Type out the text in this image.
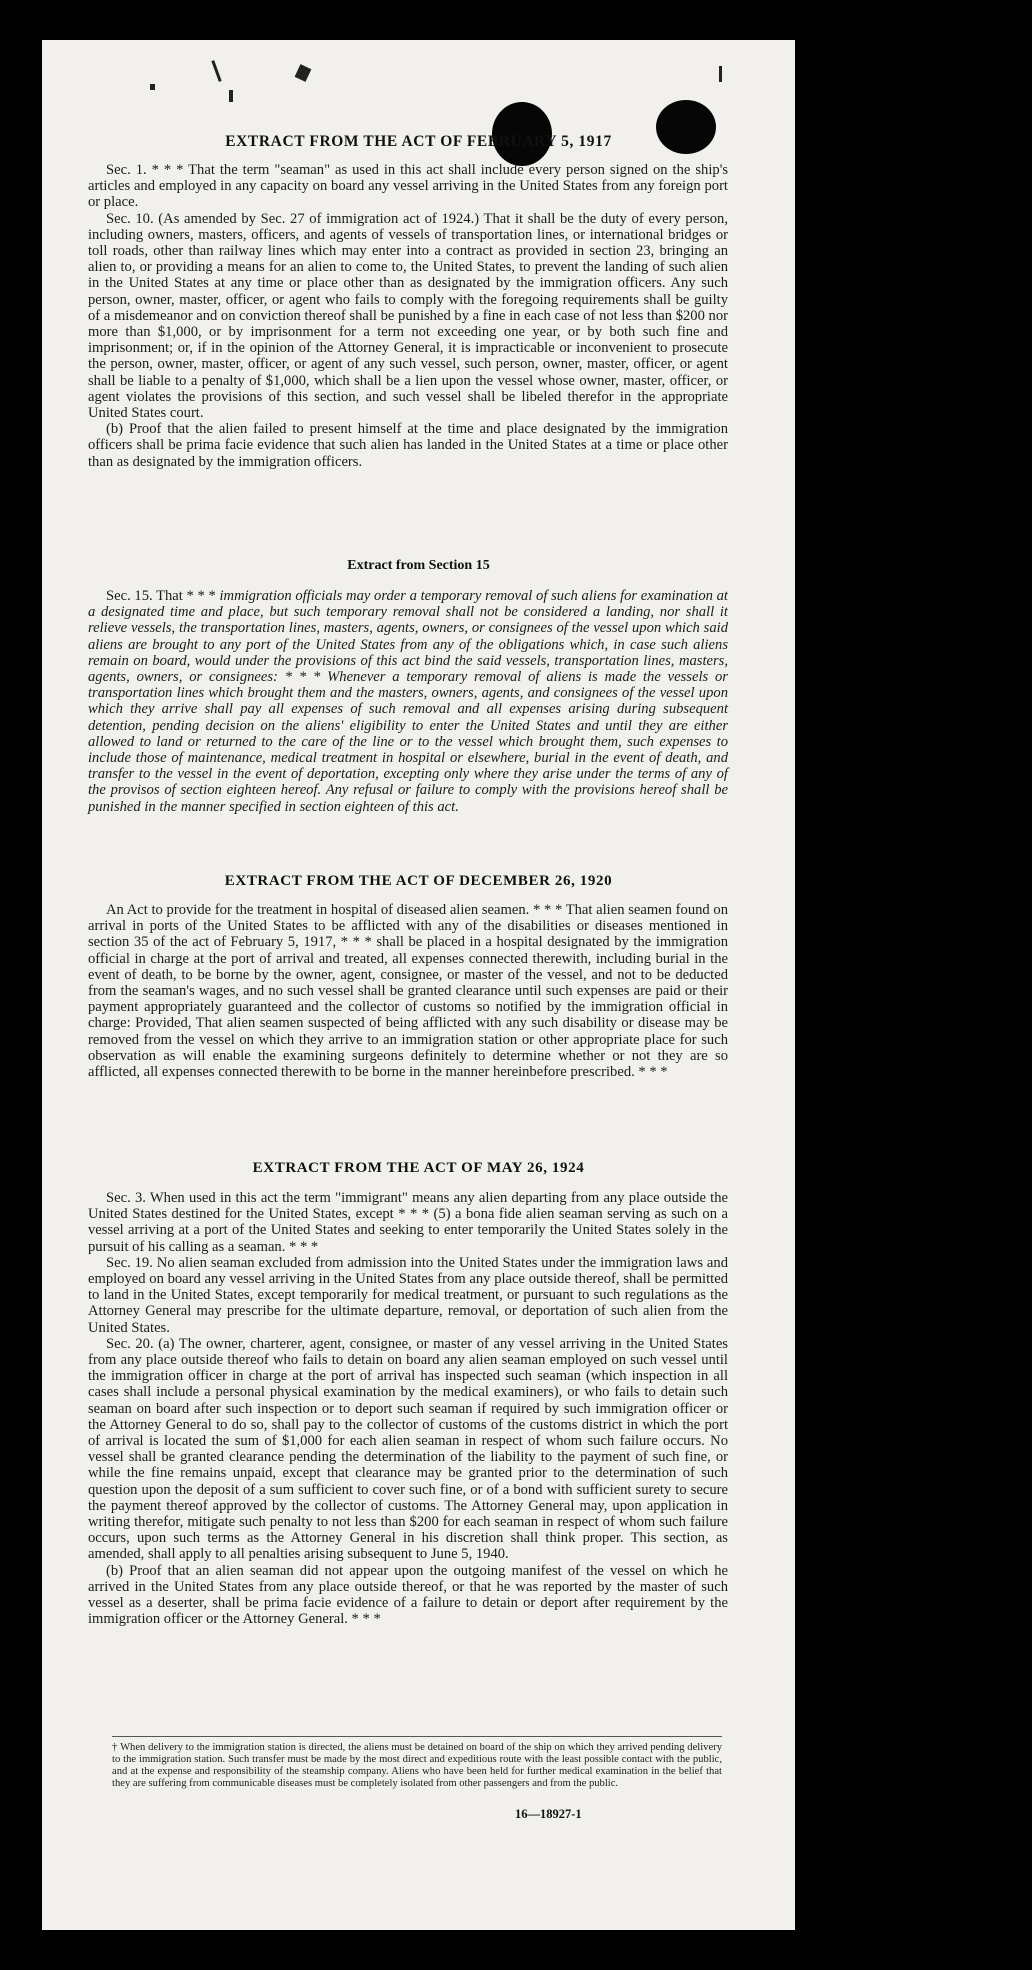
EXTRACT FROM THE ACT OF FEBRUARY 5, 1917

Sec. 1. * * * That the term "seaman" as used in this act shall include every person signed on the ship's articles and employed in any capacity on board any vessel arriving in the United States from any foreign port or place.

Sec. 10. (As amended by Sec. 27 of immigration act of 1924.) That it shall be the duty of every person, including owners, masters, officers, and agents of vessels of transportation lines, or international bridges or toll roads, other than railway lines which may enter into a contract as provided in section 23, bringing an alien to, or providing a means for an alien to come to, the United States, to prevent the landing of such alien in the United States at any time or place other than as designated by the immigration officers. Any such person, owner, master, officer, or agent who fails to comply with the foregoing requirements shall be guilty of a misdemeanor and on conviction thereof shall be punished by a fine in each case of not less than $200 nor more than $1,000, or by imprisonment for a term not exceeding one year, or by both such fine and imprisonment; or, if in the opinion of the Attorney General, it is impracticable or inconvenient to prosecute the person, owner, master, officer, or agent of any such vessel, such person, owner, master, officer, or agent shall be liable to a penalty of $1,000, which shall be a lien upon the vessel whose owner, master, officer, or agent violates the provisions of this section, and such vessel shall be libeled therefor in the appropriate United States court.

(b) Proof that the alien failed to present himself at the time and place designated by the immigration officers shall be prima facie evidence that such alien has landed in the United States at a time or place other than as designated by the immigration officers.

Extract from Section 15

Sec. 15. That * * * immigration officials may order a temporary removal of such aliens for examination at a designated time and place, but such temporary removal shall not be considered a landing, nor shall it relieve vessels, the transportation lines, masters, agents, owners, or consignees of the vessel upon which said aliens are brought to any port of the United States from any of the obligations which, in case such aliens remain on board, would under the provisions of this act bind the said vessels, transportation lines, masters, agents, owners, or consignees: * * * Whenever a temporary removal of aliens is made the vessels or transportation lines which brought them and the masters, owners, agents, and consignees of the vessel upon which they arrive shall pay all expenses of such removal and all expenses arising during subsequent detention, pending decision on the aliens' eligibility to enter the United States and until they are either allowed to land or returned to the care of the line or to the vessel which brought them, such expenses to include those of maintenance, medical treatment in hospital or elsewhere, burial in the event of death, and transfer to the vessel in the event of deportation, excepting only where they arise under the terms of any of the provisos of section eighteen hereof. Any refusal or failure to comply with the provisions hereof shall be punished in the manner specified in section eighteen of this act.

EXTRACT FROM THE ACT OF DECEMBER 26, 1920

An Act to provide for the treatment in hospital of diseased alien seamen. * * * That alien seamen found on arrival in ports of the United States to be afflicted with any of the disabilities or diseases mentioned in section 35 of the act of February 5, 1917, * * * shall be placed in a hospital designated by the immigration official in charge at the port of arrival and treated, all expenses connected therewith, including burial in the event of death, to be borne by the owner, agent, consignee, or master of the vessel, and not to be deducted from the seaman's wages, and no such vessel shall be granted clearance until such expenses are paid or their payment appropriately guaranteed and the collector of customs so notified by the immigration official in charge: Provided, That alien seamen suspected of being afflicted with any such disability or disease may be removed from the vessel on which they arrive to an immigration station or other appropriate place for such observation as will enable the examining surgeons definitely to determine whether or not they are so afflicted, all expenses connected therewith to be borne in the manner hereinbefore prescribed. * * *

EXTRACT FROM THE ACT OF MAY 26, 1924

Sec. 3. When used in this act the term "immigrant" means any alien departing from any place outside the United States destined for the United States, except * * * (5) a bona fide alien seaman serving as such on a vessel arriving at a port of the United States and seeking to enter temporarily the United States solely in the pursuit of his calling as a seaman. * * *

Sec. 19. No alien seaman excluded from admission into the United States under the immigration laws and employed on board any vessel arriving in the United States from any place outside thereof, shall be permitted to land in the United States, except temporarily for medical treatment, or pursuant to such regulations as the Attorney General may prescribe for the ultimate departure, removal, or deportation of such alien from the United States.

Sec. 20. (a) The owner, charterer, agent, consignee, or master of any vessel arriving in the United States from any place outside thereof who fails to detain on board any alien seaman employed on such vessel until the immigration officer in charge at the port of arrival has inspected such seaman (which inspection in all cases shall include a personal physical examination by the medical examiners), or who fails to detain such seaman on board after such inspection or to deport such seaman if required by such immigration officer or the Attorney General to do so, shall pay to the collector of customs of the customs district in which the port of arrival is located the sum of $1,000 for each alien seaman in respect of whom such failure occurs. No vessel shall be granted clearance pending the determination of the liability to the payment of such fine, or while the fine remains unpaid, except that clearance may be granted prior to the determination of such question upon the deposit of a sum sufficient to cover such fine, or of a bond with sufficient surety to secure the payment thereof approved by the collector of customs. The Attorney General may, upon application in writing therefor, mitigate such penalty to not less than $200 for each seaman in respect of whom such failure occurs, upon such terms as the Attorney General in his discretion shall think proper. This section, as amended, shall apply to all penalties arising subsequent to June 5, 1940.

(b) Proof that an alien seaman did not appear upon the outgoing manifest of the vessel on which he arrived in the United States from any place outside thereof, or that he was reported by the master of such vessel as a deserter, shall be prima facie evidence of a failure to detain or deport after requirement by the immigration officer or the Attorney General. * * *

† When delivery to the immigration station is directed, the aliens must be detained on board of the ship on which they arrived pending delivery to the immigration station. Such transfer must be made by the most direct and expeditious route with the least possible contact with the public, and at the expense and responsibility of the steamship company. Aliens who have been held for further medical examination in the belief that they are suffering from communicable diseases must be completely isolated from other passengers and from the public.
16—18927-1
